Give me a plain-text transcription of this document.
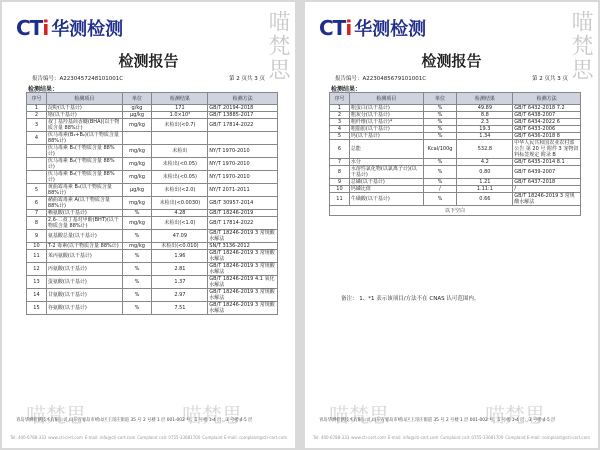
CTi 华测检测	喵梵思
喵梵思	喵梵思
检测报告
报告编号：A2230457248101001C	第 2 页共 3 页
检测结果：
序号	检测项目	单位	检测结果	检测方法
1	淀粉(以干基计)	g/kg	171	GB/T 20194-2018
2	铬(以干基计)	μg/kg	1.0×10³	GB/T 13885-2017
3	叔丁基羟基茴香醚(BHA)(以干物质含量 88%计)	mg/kg	未检出(<0.7)	GB/T 17814-2022
4	伏马毒素(B₁+B₂)(以干物质含量 88%计)			
	伏马毒素 B₁(干物质含量 88%计)	mg/kg	未检出	NY/T 1970-2010
	伏马毒素 B₂(干物质含量 88%计)	mg/kg	未检出(<0.05)	NY/T 1970-2010
	伏马毒素 B₃(干物质含量 88%计)	mg/kg	未检出(<0.05)	NY/T 1970-2010
5	黄曲霉毒素 B₁(以干物质含量 88%计)	μg/kg	未检出(<2.0)	NY/T 2071-2011
6	赭曲霉毒素 A(以干物质含量 88%计)	mg/kg	未检出(<0.0030)	GB/T 30957-2014
7	赖氨酸(以干基计)	%	4.28	GB/T 18246-2019
8	2,6-二叔丁基对甲酚(BHT)(以干物质含量 88%计)	mg/kg	未检出(<1.0)	GB/T 17814-2022
9	氨基酸总量(以干基计)	%	47.09	GB/T 18246-2019 3 常规酸水解法
10	T-2 毒素(以干物质含量 88%计)	mg/kg	未检出(<0.010)	SN/T 3136-2012
11	苯丙氨酸(以干基计)	%	1.96	GB/T 18246-2019 3 常规酸水解法
12	丙氨酸(以干基计)	%	2.81	GB/T 18246-2019 3 常规酸水解法
13	蛋氨酸(以干基计)	%	1.37	GB/T 18246-2019 4.1 氧化水解法
14	甘氨酸(以干基计)	%	2.97	GB/T 18246-2019 3 常规酸水解法
15	谷氨酸(以干基计)	%	7.51	GB/T 18246-2019 3 常规酸水解法
青岛华测检测技术有限公司 山东省青岛市崂山区王哥庄街道 35 号 2 号楼 1 层 001-002 号；1 号楼 1-4 层；3 号楼 4-5 层
Tel: 400-6788-333 www.cti-cert.com E-mail: info@cti-cert.com Complaint call: 0755-33681700 Complaint E-mail: complaint@cti-cert.com
CTi 华测检测	喵梵思
喵梵思	喵梵思
检测报告
报告编号：A2230485679101001C	第 2 页共 3 页
检测结果：
序号	检测项目	单位	检测结果	检测方法
1	粗蛋白(以干基计)	%	49.89	GB/T 6432-2018 7.2
2	粗灰分(以干基计)	%	8.8	GB/T 6438-2007
3	粗纤维(以干基计)*	%	2.3	GB/T 6434-2022 6
4	粗脂肪(以干基计)	%	19.3	GB/T 6433-2006
5	钙(以干基计)	%	1.34	GB/T 6436-2018 8
6	总能	Kcal/100g	532.8	中华人民共和国农业农村部公告 第 20 号 附件 3 宠物饲料标签规定 附录 B
7	水分	%	4.2	GB/T 6435-2014 8.1
8	水溶性氯化物(以氯离子计)(以干基计)	%	0.80	GB/T 6439-2007
9	总磷(以干基计)	%	1.21	GB/T 6437-2018
10	钙磷比值	/	1.11:1	/
11	牛磺酸(以干基计)	%	0.66	GB/T 18246-2019 3 常规酸水解法
以下空白				
备注： 1、*1 表示该项目/方法不在 CNAS 认可范围内。
青岛华测检测技术有限公司 山东省青岛市崂山区王哥庄街道 35 号 2 号楼 1 层 001-002 号；1 号楼 1-4 层；3 号楼 4-5 层
Tel: 400-6788-333 www.cti-cert.com E-mail: info@cti-cert.com Complaint call: 0755-33681700 Complaint E-mail: complaint@cti-cert.com
